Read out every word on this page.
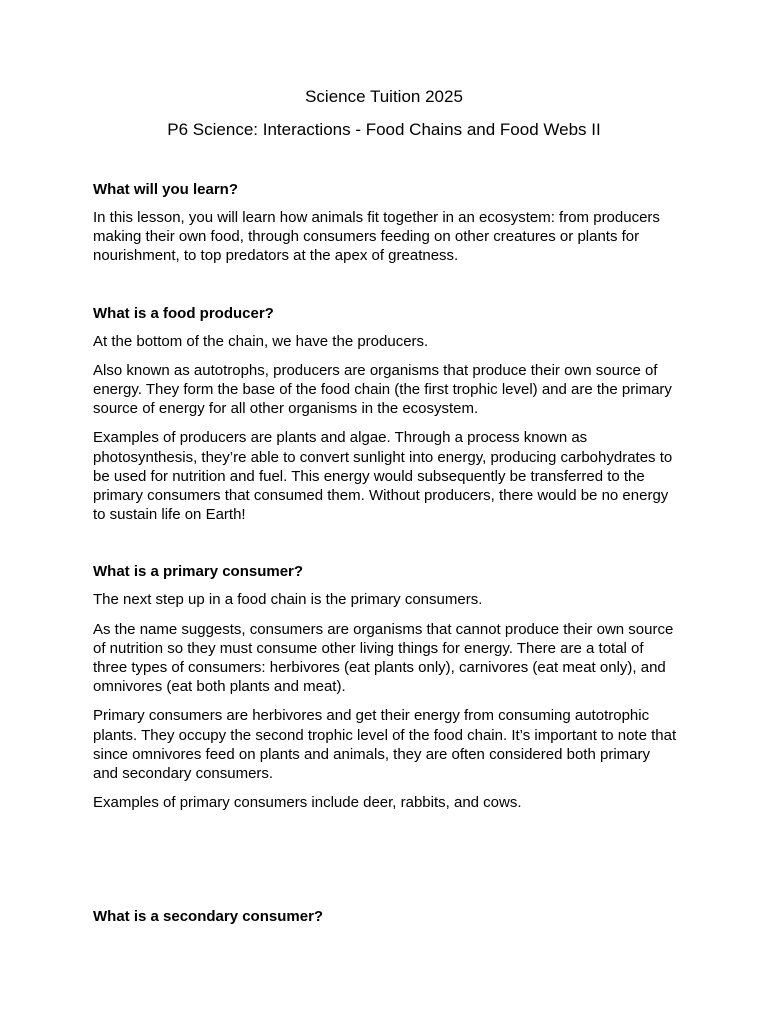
Science Tuition 2025
P6 Science: Interactions - Food Chains and Food Webs II

What will you learn?

In this lesson, you will learn how animals fit together in an ecosystem: from producers making their own food, through consumers feeding on other creatures or plants for nourishment, to top predators at the apex of greatness.

What is a food producer?

At the bottom of the chain, we have the producers.

Also known as autotrophs, producers are organisms that produce their own source of energy. They form the base of the food chain (the first trophic level) and are the primary source of energy for all other organisms in the ecosystem.

Examples of producers are plants and algae. Through a process known as photosynthesis, they’re able to convert sunlight into energy, producing carbohydrates to be used for nutrition and fuel. This energy would subsequently be transferred to the primary consumers that consumed them. Without producers, there would be no energy to sustain life on Earth!

What is a primary consumer?

The next step up in a food chain is the primary consumers.

As the name suggests, consumers are organisms that cannot produce their own source of nutrition so they must consume other living things for energy. There are a total of three types of consumers: herbivores (eat plants only), carnivores (eat meat only), and omnivores (eat both plants and meat).

Primary consumers are herbivores and get their energy from consuming autotrophic plants. They occupy the second trophic level of the food chain. It’s important to note that since omnivores feed on plants and animals, they are often considered both primary and secondary consumers.

Examples of primary consumers include deer, rabbits, and cows.

What is a secondary consumer?
